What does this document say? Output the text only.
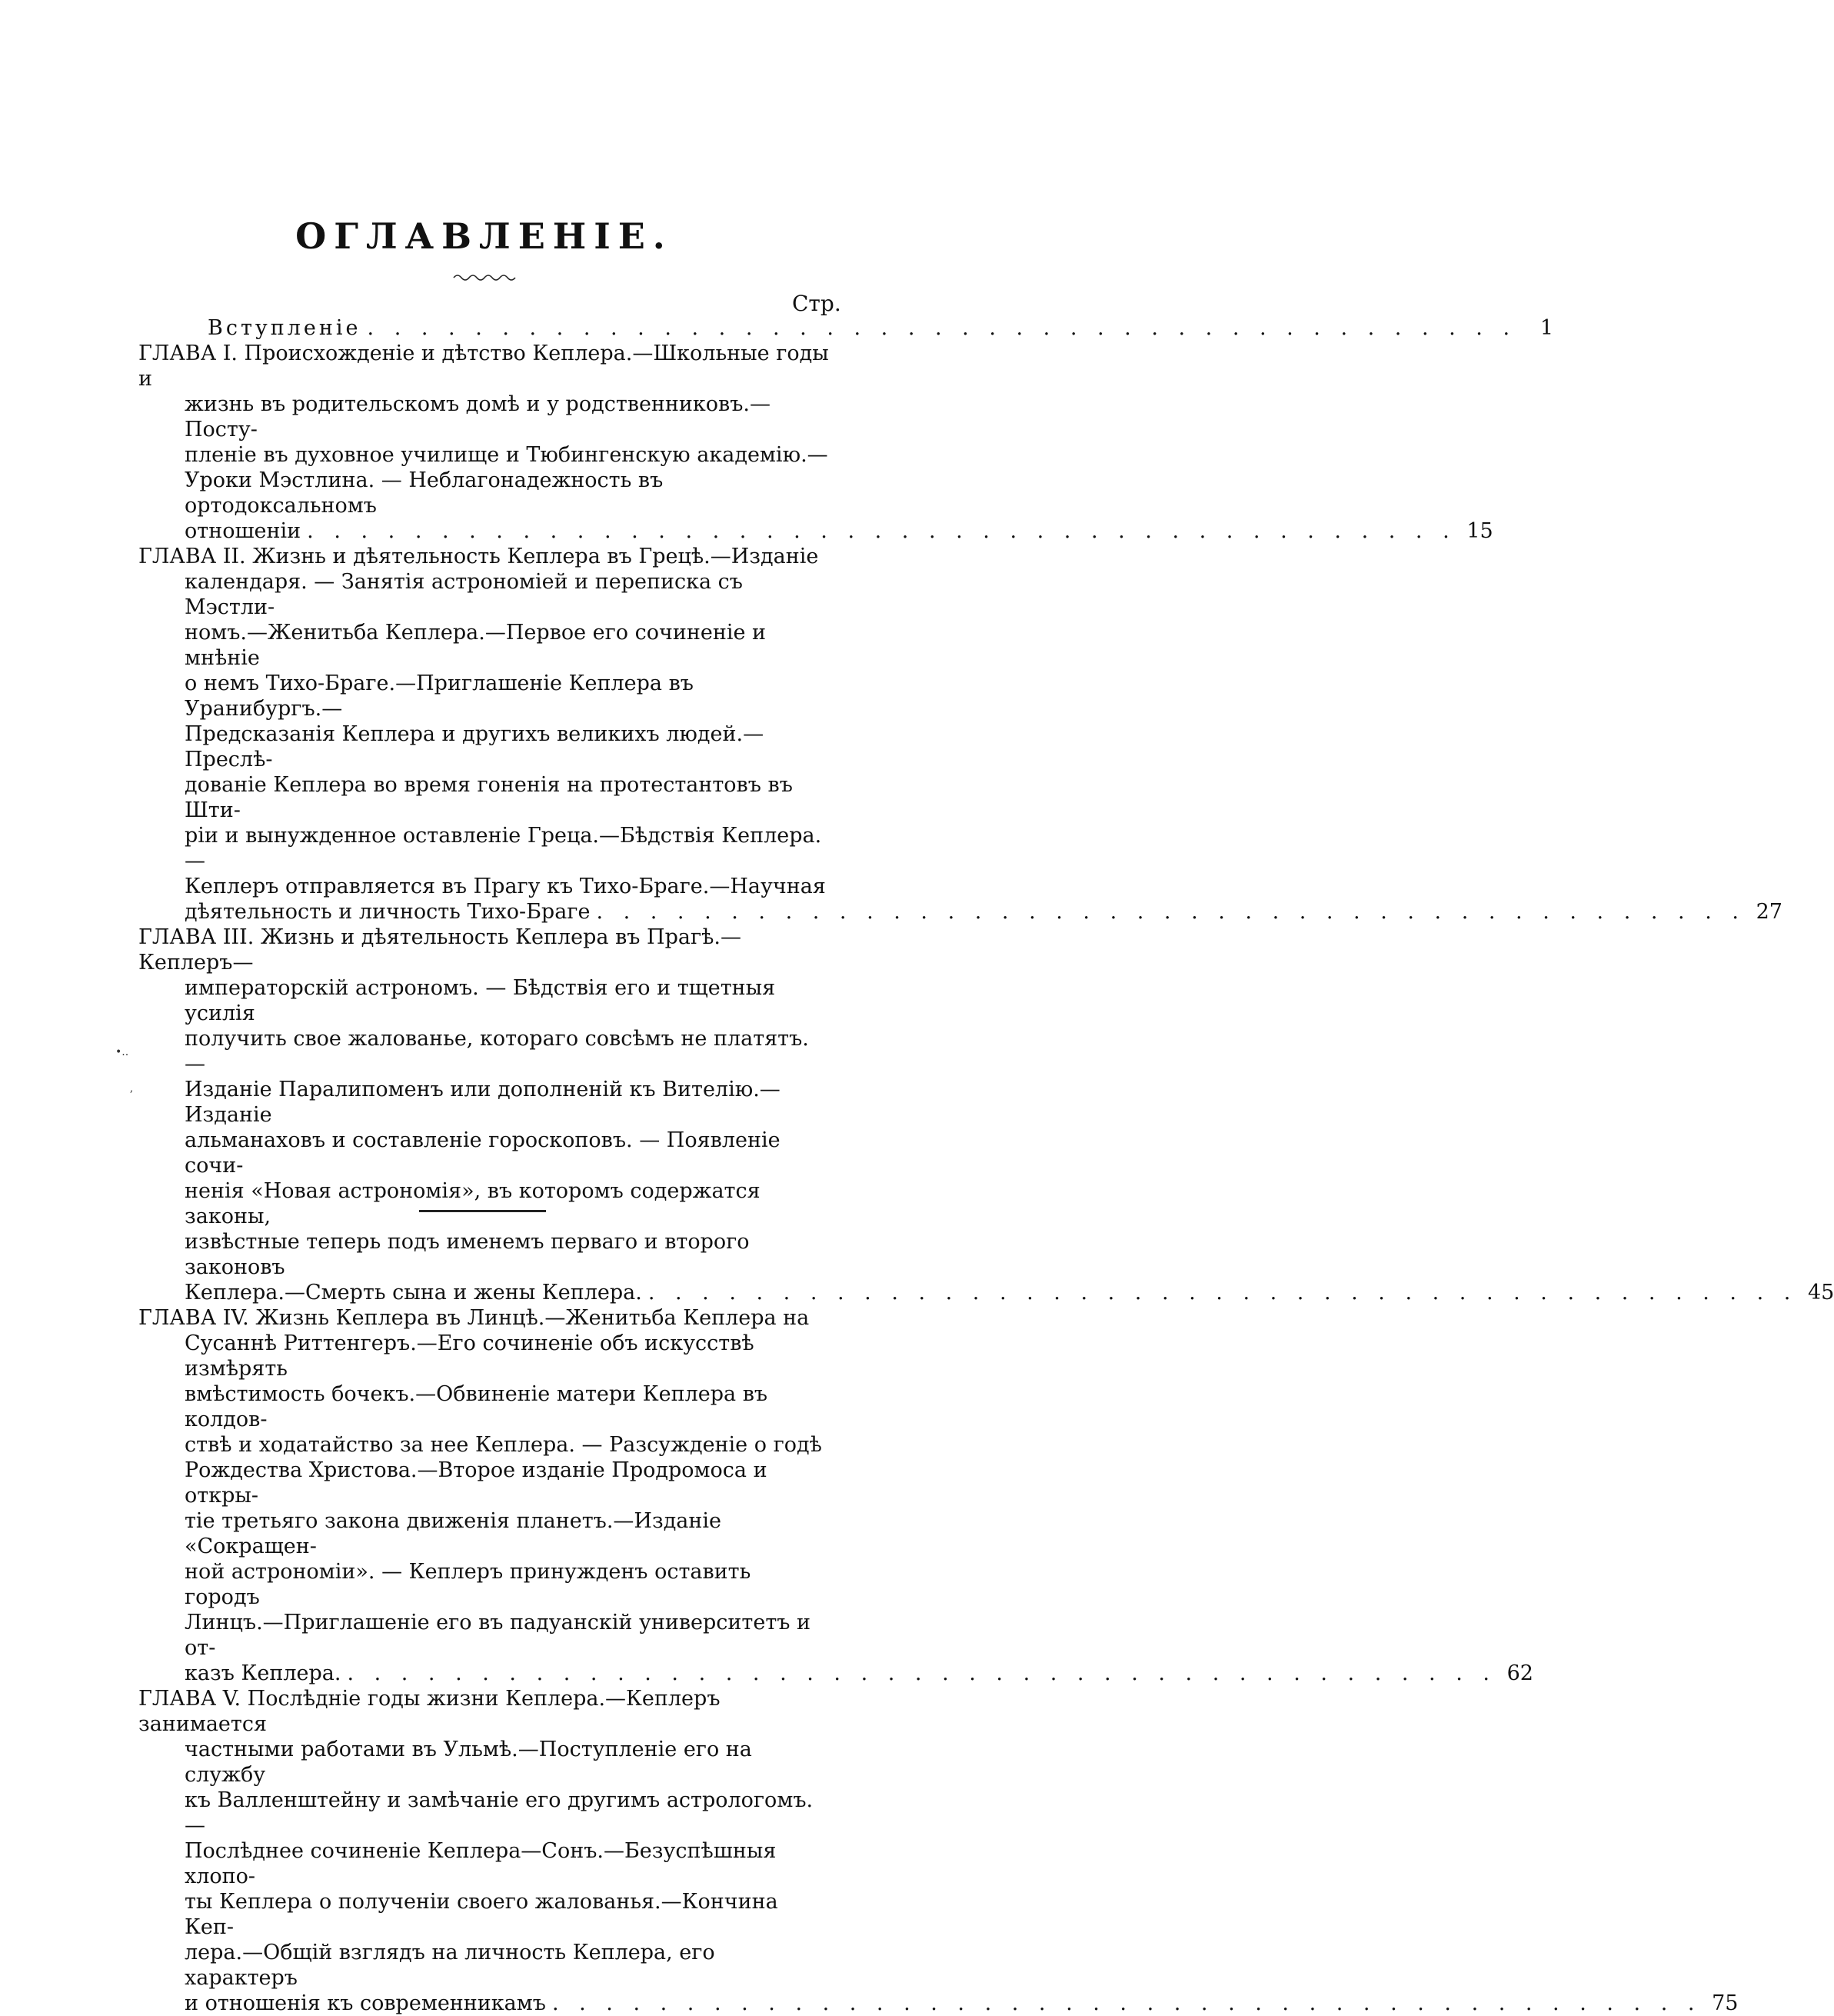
ОГЛАВЛЕНІЕ.
Стр.
Вступленіе . . . . . . . . . . . . . . . . . . . . . . . . . . . . . . . . . . . . . . . . . . .	1

ГЛАВА I. Происхожденіе и дѣтство Кеплера.—Школьные годы и

жизнь въ родительскомъ домѣ и у родственниковъ.—Посту-

пленіе въ духовное училище и Тюбингенскую академію.—

Уроки Мэстлина. — Неблагонадежность въ ортодоксальномъ

отношеніи . . . . . . . . . . . . . . . . . . . . . . . . . . . . . . . . . . . . . . . . . . . 15

ГЛАВА II. Жизнь и дѣятельность Кеплера въ Грецѣ.—Изданіе

календаря. — Занятія астрономіей и переписка съ Мэстли-

номъ.—Женитьба Кеплера.—Первое его сочиненіе и мнѣніе

о немъ Тихо-Браге.—Приглашеніе Кеплера въ Уранибургъ.—

Предсказанія Кеплера и другихъ великихъ людей.—Преслѣ-

дованіе Кеплера во время гоненія на протестантовъ въ Шти-

ріи и вынужденное оставленіе Греца.—Бѣдствія Кеплера.—

Кеплеръ отправляется въ Прагу къ Тихо-Браге.—Научная

дѣятельность и личность Тихо-Браге . . . . . . . . . . . . . . . . . . . . . . . . . . . . . . . . . . . . . . . . . . . 27

ГЛАВА III. Жизнь и дѣятельность Кеплера въ Прагѣ.—Кеплеръ—

императорскій астрономъ. — Бѣдствія его и тщетныя усилія

получить свое жалованье, котораго совсѣмъ не платятъ. —

Изданіе Паралипоменъ или дополненій къ Вителію.—Изданіе

альманаховъ и составленіе гороскоповъ. — Появленіе сочи-

ненія «Новая астрономія», въ которомъ содержатся законы,

извѣстные теперь подъ именемъ перваго и второго законовъ

Кеплера.—Смерть сына и жены Кеплера. . . . . . . . . . . . . . . . . . . . . . . . . . . . . . . . . . . . . . . . . . . . 45

ГЛАВА IV. Жизнь Кеплера въ Линцѣ.—Женитьба Кеплера на

Сусаннѣ Риттенгеръ.—Его сочиненіе объ искусствѣ измѣрять

вмѣстимость бочекъ.—Обвиненіе матери Кеплера въ колдов-

ствѣ и ходатайство за нее Кеплера. — Разсужденіе о годѣ

Рождества Христова.—Второе изданіе Продромоса и откры-

тіе третьяго закона движенія планетъ.—Изданіе «Сокращен-

ной астрономіи». — Кеплеръ принужденъ оставить городъ

Линцъ.—Приглашеніе его въ падуанскій университетъ и от-

казъ Кеплера. . . . . . . . . . . . . . . . . . . . . . . . . . . . . . . . . . . . . . . . . . . . 62

ГЛАВА V. Послѣдніе годы жизни Кеплера.—Кеплеръ занимается

частными работами въ Ульмѣ.—Поступленіе его на службу

къ Валленштейну и замѣчаніе его другимъ астрологомъ. —

Послѣднее сочиненіе Кеплера—Сонъ.—Безуспѣшныя хлопо-

ты Кеплера о полученіи своего жалованья.—Кончина Кеп-

лера.—Общій взглядъ на личность Кеплера, его характеръ

и отношенія къ современникамъ . . . . . . . . . . . . . . . . . . . . . . . . . . . . . . . . . . . . . . . . . . . 75
•..
ʼ
